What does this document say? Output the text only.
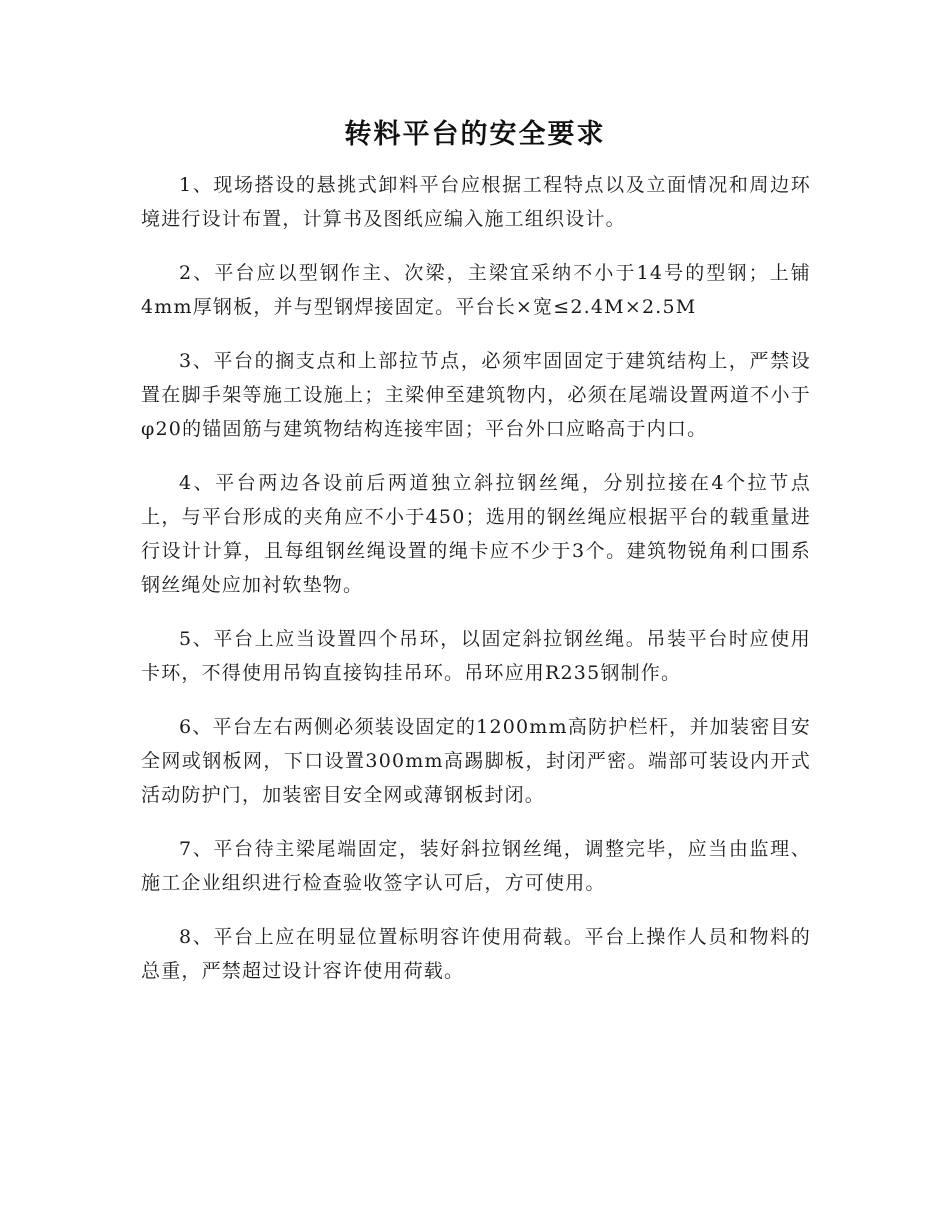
转料平台的安全要求

1、现场搭设的悬挑式卸料平台应根据工程特点以及立面情况和周边环境进行设计布置，计算书及图纸应编入施工组织设计。

2、平台应以型钢作主、次梁，主梁宜采纳不小于14号的型钢；上铺4mm厚钢板，并与型钢焊接固定。平台长×宽≤2.4M×2.5M

3、平台的搁支点和上部拉节点，必须牢固固定于建筑结构上，严禁设置在脚手架等施工设施上；主梁伸至建筑物内，必须在尾端设置两道不小于φ20的锚固筋与建筑物结构连接牢固；平台外口应略高于内口。

4、平台两边各设前后两道独立斜拉钢丝绳，分别拉接在4个拉节点上，与平台形成的夹角应不小于450；选用的钢丝绳应根据平台的载重量进行设计计算，且每组钢丝绳设置的绳卡应不少于3个。建筑物锐角利口围系钢丝绳处应加衬软垫物。

5、平台上应当设置四个吊环，以固定斜拉钢丝绳。吊装平台时应使用卡环，不得使用吊钩直接钩挂吊环。吊环应用R235钢制作。

6、平台左右两侧必须装设固定的1200mm高防护栏杆，并加装密目安全网或钢板网，下口设置300mm高踢脚板，封闭严密。端部可装设内开式活动防护门，加装密目安全网或薄钢板封闭。

7、平台待主梁尾端固定，装好斜拉钢丝绳，调整完毕，应当由监理、施工企业组织进行检查验收签字认可后，方可使用。

8、平台上应在明显位置标明容许使用荷载。平台上操作人员和物料的总重，严禁超过设计容许使用荷载。
